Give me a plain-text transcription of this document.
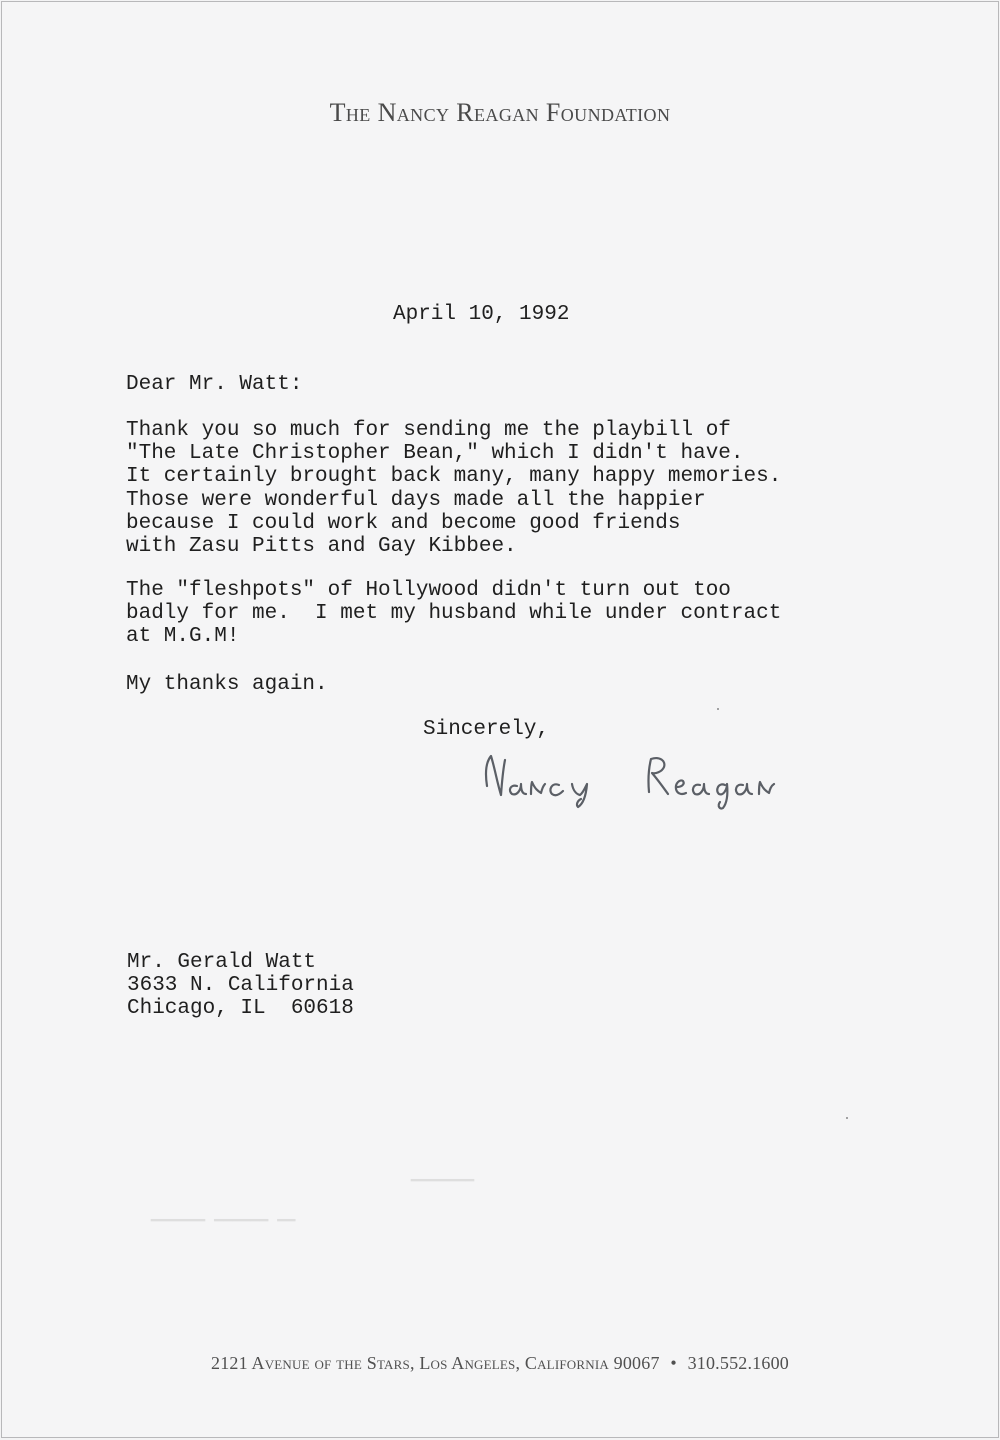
The Nancy Reagan Foundation
April 10, 1992
Dear Mr. Watt:
Thank you so much for sending me the playbill of
"The Late Christopher Bean," which I didn't have.
It certainly brought back many, many happy memories.
Those were wonderful days made all the happier
because I could work and become good friends
with Zasu Pitts and Gay Kibbee.
The "fleshpots" of Hollywood didn't turn out too
badly for me.  I met my husband while under contract
at M.G.M!
My thanks again.
Sincerely,
Mr. Gerald Watt
3633 N. California
Chicago, IL  60618
▔▔▔▔▔▔▔
▔▔ ▔▔▔▔▔▔ ▔▔▔▔▔▔
2121 Avenue of the Stars, Los Angeles, California 90067 • 310.552.1600
